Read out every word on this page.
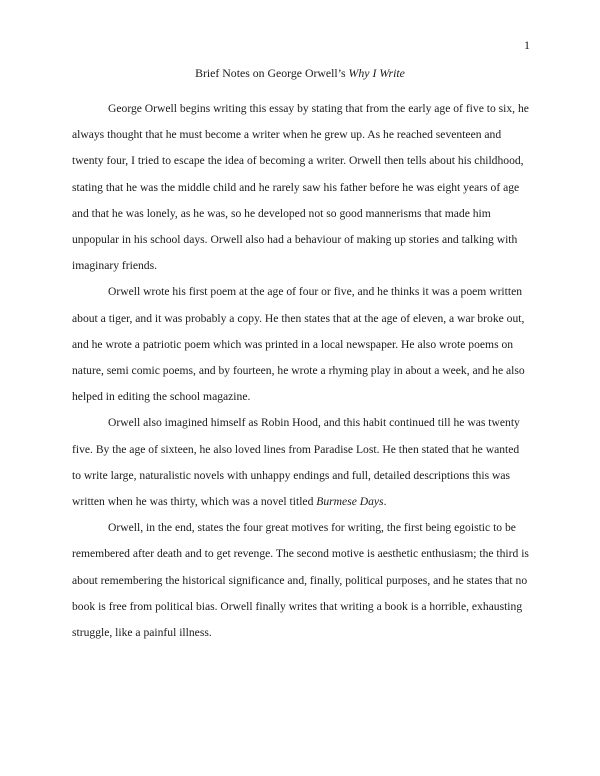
1
Brief Notes on George Orwell’s Why I Write

George Orwell begins writing this essay by stating that from the early age of five to six, he always thought that he must become a writer when he grew up. As he reached seventeen and twenty four, I tried to escape the idea of becoming a writer. Orwell then tells about his childhood, stating that he was the middle child and he rarely saw his father before he was eight years of age and that he was lonely, as he was, so he developed not so good mannerisms that made him unpopular in his school days. Orwell also had a behaviour of making up stories and talking with imaginary friends.

Orwell wrote his first poem at the age of four or five, and he thinks it was a poem written about a tiger, and it was probably a copy. He then states that at the age of eleven, a war broke out, and he wrote a patriotic poem which was printed in a local newspaper. He also wrote poems on nature, semi comic poems, and by fourteen, he wrote a rhyming play in about a week, and he also helped in editing the school magazine.

Orwell also imagined himself as Robin Hood, and this habit continued till he was twenty five. By the age of sixteen, he also loved lines from Paradise Lost. He then stated that he wanted to write large, naturalistic novels with unhappy endings and full, detailed descriptions this was written when he was thirty, which was a novel titled Burmese Days.

Orwell, in the end, states the four great motives for writing, the first being egoistic to be remembered after death and to get revenge. The second motive is aesthetic enthusiasm; the third is about remembering the historical significance and, finally, political purposes, and he states that no book is free from political bias. Orwell finally writes that writing a book is a horrible, exhausting struggle, like a painful illness.
